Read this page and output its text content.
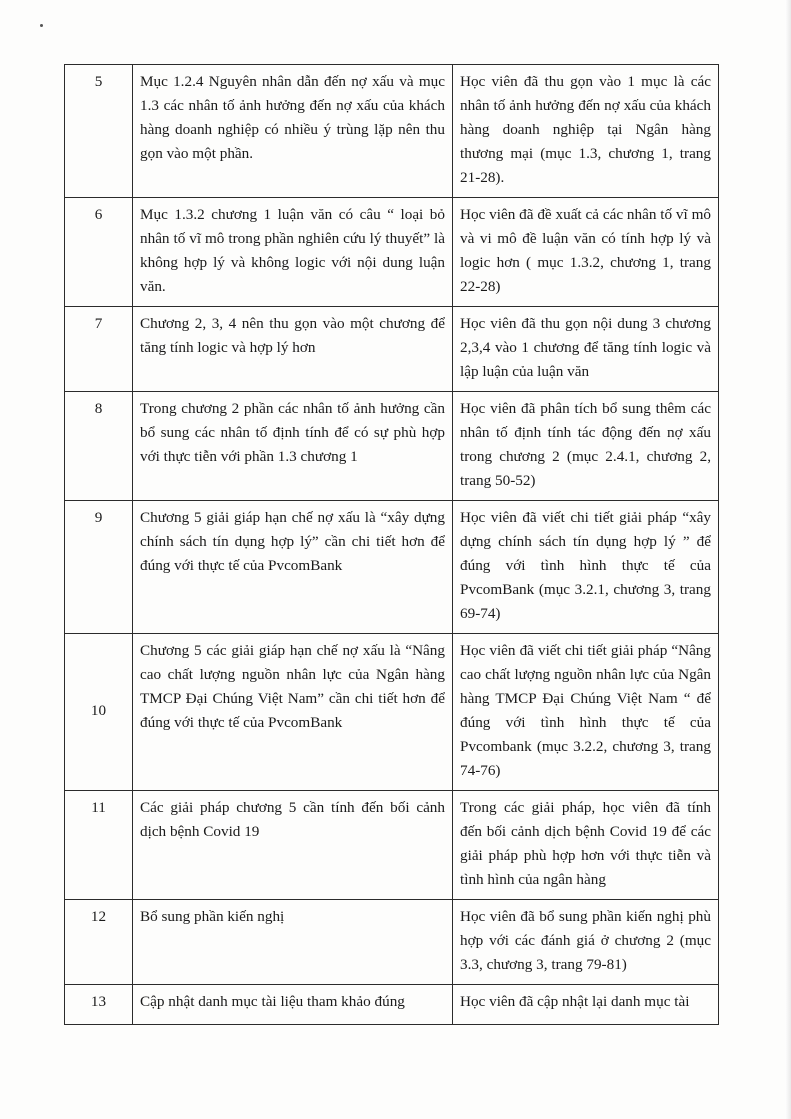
5	Mục 1.2.4 Nguyên nhân dẫn đến nợ xấu và mục 1.3 các nhân tố ảnh hưởng đến nợ xấu của khách hàng doanh nghiệp có nhiều ý trùng lặp nên thu gọn vào một phần.	Học viên đã thu gọn vào 1 mục là các nhân tố ảnh hưởng đến nợ xấu của khách hàng doanh nghiệp tại Ngân hàng thương mại (mục 1.3, chương 1, trang 21-28).
6	Mục 1.3.2 chương 1 luận văn có câu “ loại bỏ nhân tố vĩ mô trong phần nghiên cứu lý thuyết” là không hợp lý và không logic với nội dung luận văn.	Học viên đã đề xuất cả các nhân tố vĩ mô và vi mô đề luận văn có tính hợp lý và logic hơn ( mục 1.3.2, chương 1, trang 22-28)
7	Chương 2, 3, 4 nên thu gọn vào một chương để tăng tính logic và hợp lý hơn	Học viên đã thu gọn nội dung 3 chương 2,3,4 vào 1 chương để tăng tính logic và lập luận của luận văn
8	Trong chương 2 phần các nhân tố ảnh hưởng cần bổ sung các nhân tố định tính để có sự phù hợp với thực tiễn với phần 1.3 chương 1	Học viên đã phân tích bổ sung thêm các nhân tố định tính tác động đến nợ xấu trong chương 2 (mục 2.4.1, chương 2, trang 50-52)
9	Chương 5 giải giáp hạn chế nợ xấu là “xây dựng chính sách tín dụng hợp lý” cần chi tiết hơn để đúng với thực tế của PvcomBank	Học viên đã viết chi tiết giải pháp “xây dựng chính sách tín dụng hợp lý ” để đúng với tình hình thực tế của PvcomBank (mục 3.2.1, chương 3, trang 69-74)
10	Chương 5 các giải giáp hạn chế nợ xấu là “Nâng cao chất lượng nguồn nhân lực của Ngân hàng TMCP Đại Chúng Việt Nam” cần chi tiết hơn để đúng với thực tế của PvcomBank	Học viên đã viết chi tiết giải pháp “Nâng cao chất lượng nguồn nhân lực của Ngân hàng TMCP Đại Chúng Việt Nam “ để đúng với tình hình thực tế của Pvcombank (mục 3.2.2, chương 3, trang 74-76)
11	Các giải pháp chương 5 cần tính đến bối cảnh dịch bệnh Covid 19	Trong các giải pháp, học viên đã tính đến bối cảnh dịch bệnh Covid 19 để các giải pháp phù hợp hơn với thực tiễn và tình hình của ngân hàng
12	Bổ sung phần kiến nghị	Học viên đã bổ sung phần kiến nghị phù hợp với các đánh giá ở chương 2 (mục 3.3, chương 3, trang 79-81)
13	Cập nhật danh mục tài liệu tham khảo đúng	Học viên đã cập nhật lại danh mục tài
